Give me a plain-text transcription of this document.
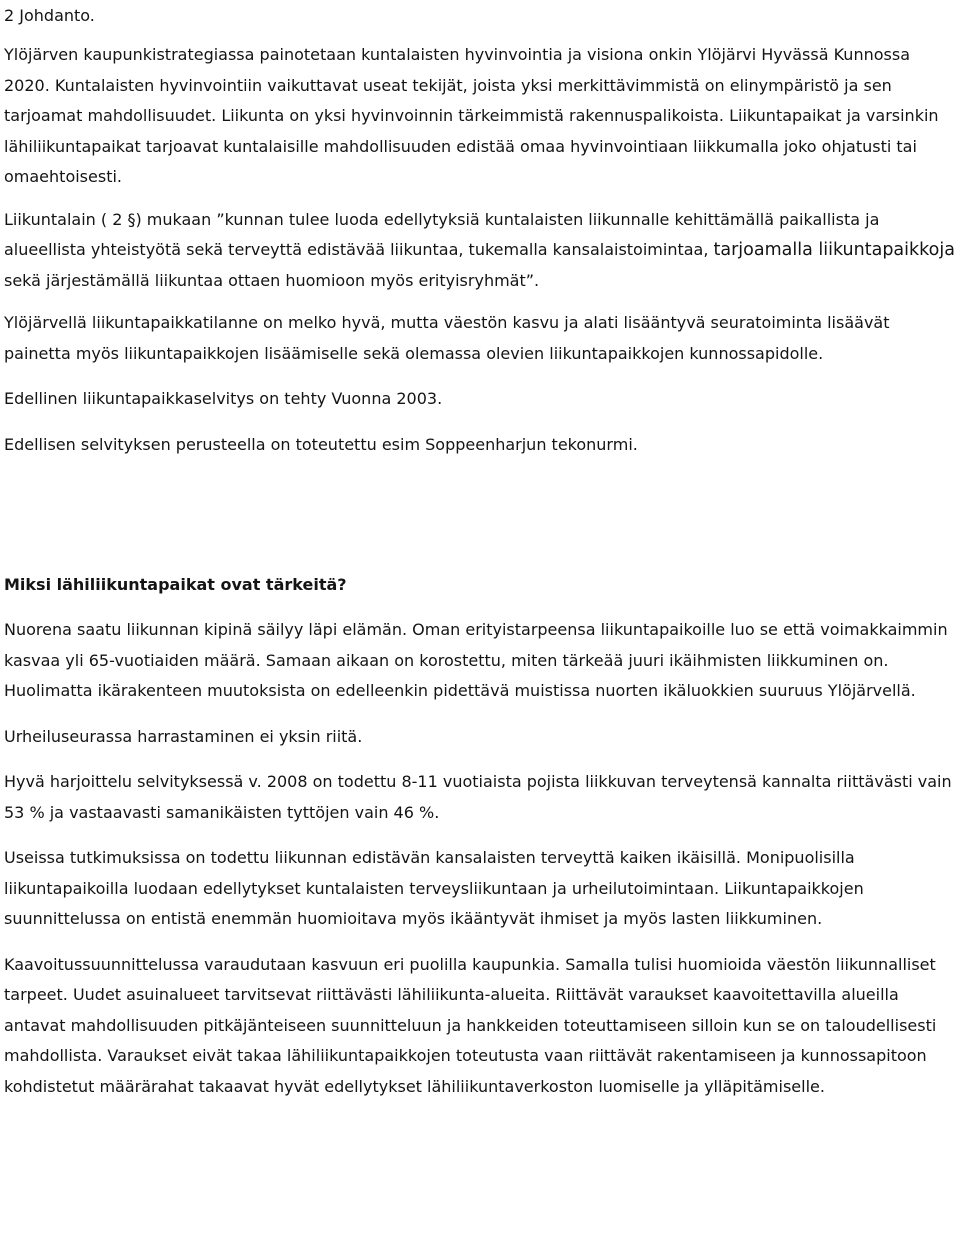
2 Johdanto.

Ylöjärven kaupunkistrategiassa painotetaan kuntalaisten hyvinvointia ja visiona onkin Ylöjärvi Hyvässä Kunnossa 2020. Kuntalaisten hyvinvointiin vaikuttavat useat tekijät, joista yksi merkittävimmistä on elinympäristö ja sen tarjoamat mahdollisuudet. Liikunta on yksi hyvinvoinnin tärkeimmistä rakennuspalikoista. Liikuntapaikat ja varsinkin lähiliikuntapaikat tarjoavat kuntalaisille mahdollisuuden edistää omaa hyvinvointiaan liikkumalla joko ohjatusti tai omaehtoisesti.

Liikuntalain ( 2 §) mukaan ”kunnan tulee luoda edellytyksiä kuntalaisten liikunnalle kehittämällä paikallista ja alueellista yhteistyötä sekä terveyttä edistävää liikuntaa, tukemalla kansalaistoimintaa, tarjoamalla liikuntapaikkoja sekä järjestämällä liikuntaa ottaen huomioon myös erityisryhmät”.

Ylöjärvellä liikuntapaikkatilanne on melko hyvä, mutta väestön kasvu ja alati lisääntyvä seuratoiminta lisäävät painetta myös liikuntapaikkojen lisäämiselle sekä olemassa olevien liikuntapaikkojen kunnossapidolle.

Edellinen liikuntapaikkaselvitys on tehty Vuonna 2003.

Edellisen selvityksen perusteella on toteutettu esim Soppeenharjun tekonurmi.

Miksi lähiliikuntapaikat ovat tärkeitä?

Nuorena saatu liikunnan kipinä säilyy läpi elämän. Oman erityistarpeensa liikuntapaikoille luo se että voimakkaimmin kasvaa yli 65-vuotiaiden määrä. Samaan aikaan on korostettu, miten tärkeää juuri ikäihmisten liikkuminen on. Huolimatta ikärakenteen muutoksista on edelleenkin pidettävä muistissa nuorten ikäluokkien suuruus Ylöjärvellä.

Urheiluseurassa harrastaminen ei yksin riitä.

Hyvä harjoittelu selvityksessä v. 2008 on todettu 8-11 vuotiaista pojista liikkuvan terveytensä kannalta riittävästi vain 53 % ja vastaavasti samanikäisten tyttöjen vain 46 %.

Useissa tutkimuksissa on todettu liikunnan edistävän kansalaisten terveyttä kaiken ikäisillä. Monipuolisilla liikuntapaikoilla luodaan edellytykset kuntalaisten terveysliikuntaan ja urheilutoimintaan. Liikuntapaikkojen suunnittelussa on entistä enemmän huomioitava myös ikääntyvät ihmiset ja myös lasten liikkuminen.

Kaavoitussuunnittelussa varaudutaan kasvuun eri puolilla kaupunkia. Samalla tulisi huomioida väestön liikunnalliset tarpeet. Uudet asuinalueet tarvitsevat riittävästi lähiliikunta-alueita. Riittävät varaukset kaavoitettavilla alueilla antavat mahdollisuuden pitkäjänteiseen suunnitteluun ja hankkeiden toteuttamiseen silloin kun se on taloudellisesti mahdollista. Varaukset eivät takaa lähiliikuntapaikkojen toteutusta vaan riittävät rakentamiseen ja kunnossapitoon kohdistetut määrärahat takaavat hyvät edellytykset lähiliikuntaverkoston luomiselle ja ylläpitämiselle.
